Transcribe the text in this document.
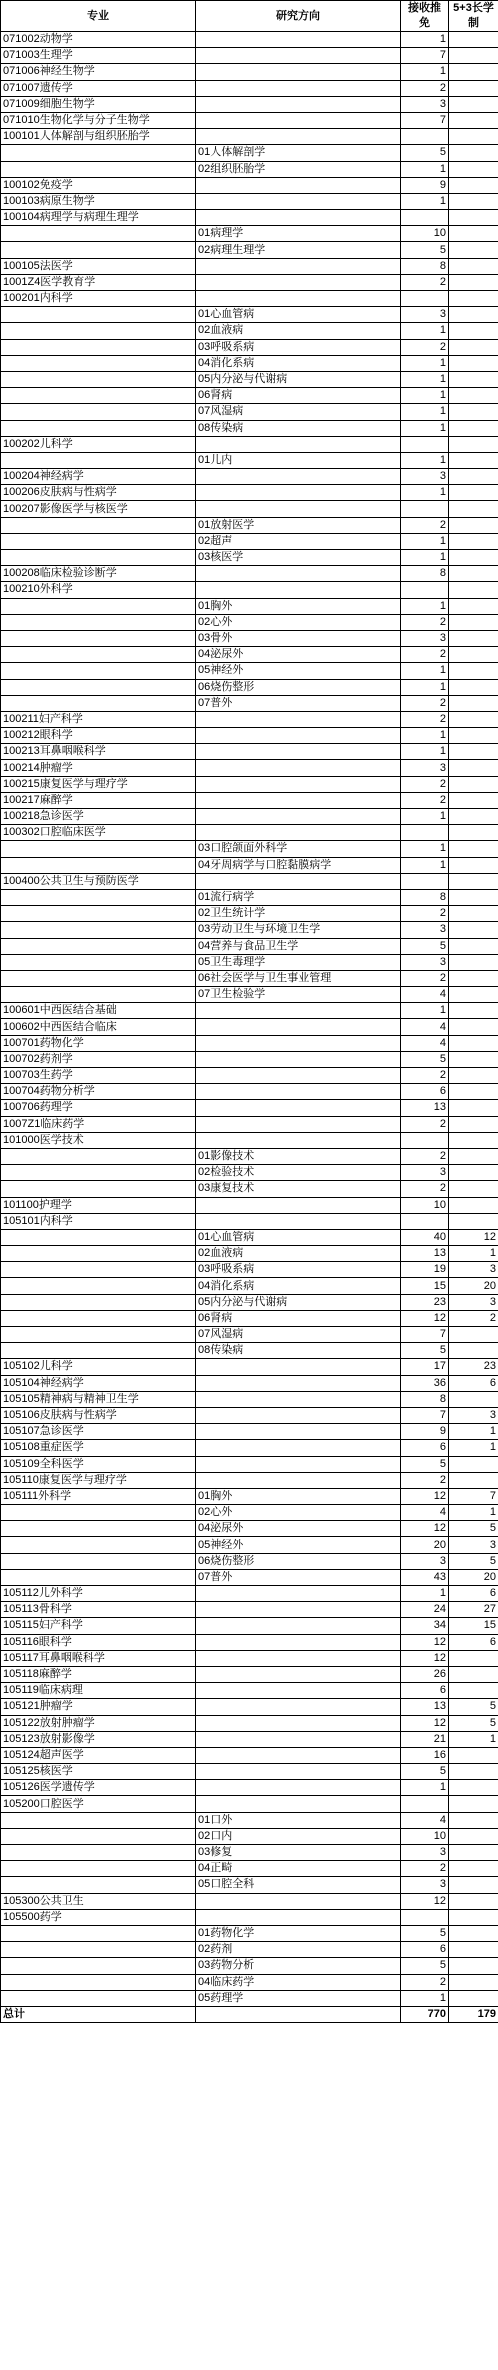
专业	研究方向	接收推免	5+3长学制
071002动物学		1	
071003生理学		7	
071006神经生物学		1	
071007遗传学		2	
071009细胞生物学		3	
071010生物化学与分子生物学		7	
100101人体解剖与组织胚胎学			
	01人体解剖学	5	
	02组织胚胎学	1	
100102免疫学		9	
100103病原生物学		1	
100104病理学与病理生理学			
	01病理学	10	
	02病理生理学	5	
100105法医学		8	
1001Z4医学教育学		2	
100201内科学			
	01心血管病	3	
	02血液病	1	
	03呼吸系病	2	
	04消化系病	1	
	05内分泌与代谢病	1	
	06肾病	1	
	07风湿病	1	
	08传染病	1	
100202儿科学			
	01儿内	1	
100204神经病学		3	
100206皮肤病与性病学		1	
100207影像医学与核医学			
	01放射医学	2	
	02超声	1	
	03核医学	1	
100208临床检验诊断学		8	
100210外科学			
	01胸外	1	
	02心外	2	
	03骨外	3	
	04泌尿外	2	
	05神经外	1	
	06烧伤整形	1	
	07普外	2	
100211妇产科学		2	
100212眼科学		1	
100213耳鼻咽喉科学		1	
100214肿瘤学		3	
100215康复医学与理疗学		2	
100217麻醉学		2	
100218急诊医学		1	
100302口腔临床医学			
	03口腔颌面外科学	1	
	04牙周病学与口腔黏膜病学	1	
100400公共卫生与预防医学			
	01流行病学	8	
	02卫生统计学	2	
	03劳动卫生与环境卫生学	3	
	04营养与食品卫生学	5	
	05卫生毒理学	3	
	06社会医学与卫生事业管理	2	
	07卫生检验学	4	
100601中西医结合基础		1	
100602中西医结合临床		4	
100701药物化学		4	
100702药剂学		5	
100703生药学		2	
100704药物分析学		6	
100706药理学		13	
1007Z1临床药学		2	
101000医学技术			
	01影像技术	2	
	02检验技术	3	
	03康复技术	2	
101100护理学		10	
105101内科学			
	01心血管病	40	12
	02血液病	13	1
	03呼吸系病	19	3
	04消化系病	15	20
	05内分泌与代谢病	23	3
	06肾病	12	2
	07风湿病	7	
	08传染病	5	
105102儿科学		17	23
105104神经病学		36	6
105105精神病与精神卫生学		8	
105106皮肤病与性病学		7	3
105107急诊医学		9	1
105108重症医学		6	1
105109全科医学		5	
105110康复医学与理疗学		2	
105111外科学	01胸外	12	7
	02心外	4	1
	04泌尿外	12	5
	05神经外	20	3
	06烧伤整形	3	5
	07普外	43	20
105112儿外科学		1	6
105113骨科学		24	27
105115妇产科学		34	15
105116眼科学		12	6
105117耳鼻咽喉科学		12	
105118麻醉学		26	
105119临床病理		6	
105121肿瘤学		13	5
105122放射肿瘤学		12	5
105123放射影像学		21	1
105124超声医学		16	
105125核医学		5	
105126医学遗传学		1	
105200口腔医学			
	01口外	4	
	02口内	10	
	03修复	3	
	04正畸	2	
	05口腔全科	3	
105300公共卫生		12	
105500药学			
	01药物化学	5	
	02药剂	6	
	03药物分析	5	
	04临床药学	2	
	05药理学	1	
总计		770	179
